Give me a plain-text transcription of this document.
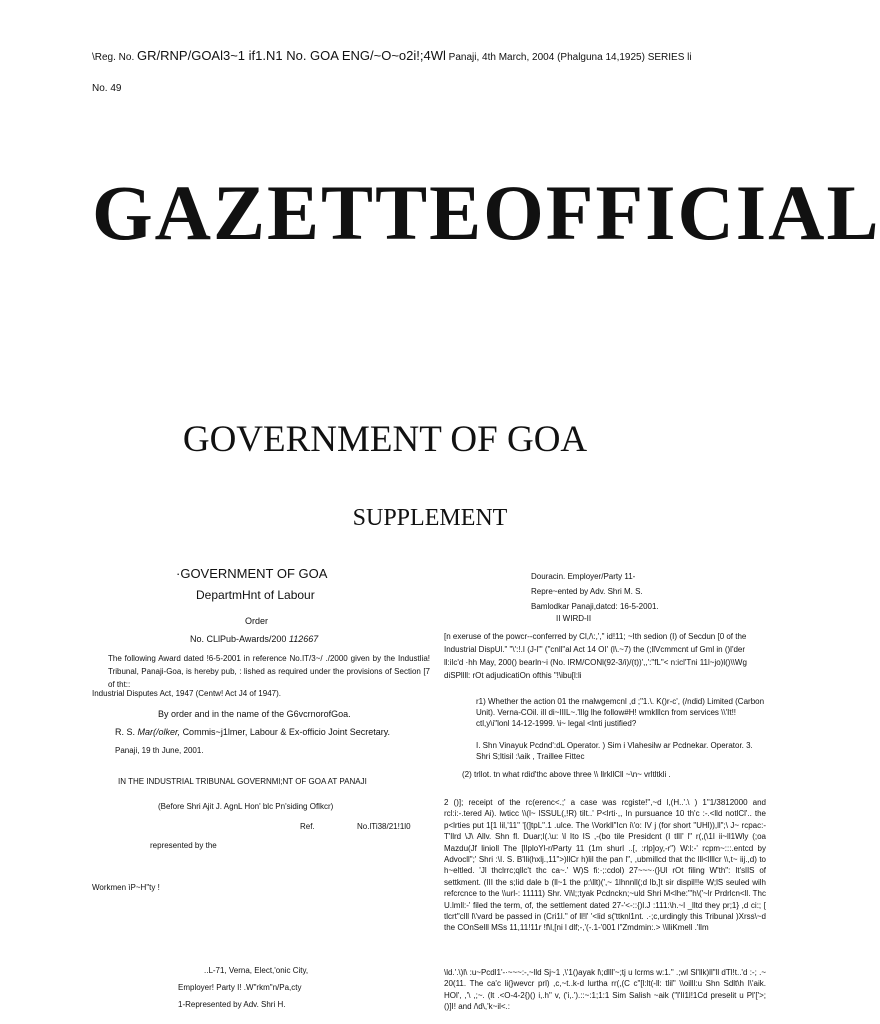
\Reg. No. GR/RNP/GOAl3~1 if1.N1 No. GOA ENG/~O~o2i!;4Wl Panaji, 4th March, 2004 (Phalguna 14,1925) SERIES li
No. 49
GAZETTEOFFICIAL
GOVERNMENT OF GOA
SUPPLEMENT
·GOVERNMENT OF GOA
DepartmHnt of Labour
Order
No. CLlPub-Awards/200 112667
The following Award dated !6-5-2001 in reference No.IT/3~/ ./2000 given by the Industlia! Tribunal, Panaji-Goa, is hereby pub, : lished as required under the provisions of Section [7 of tht::
Industrial Disputes Act, 1947 (Centw! Act J4 of 1947).
By order and in the name of the G6vcrnorofGoa.
R. S. Mar(/olker, Commis~j1lmer, Labour & Ex-officio Joint Secretary.
Panaji, 19 th June, 2001.
IN THE INDUSTRIAL TRIBUNAL GOVERNMl;NT OF GOA AT PANAJI
(Before Shri Ajit J. AgnL Hon' blc Pn'siding Oflkcr)
Ref.	No.lTi38/21!1l0
represented by the
Workmen ìP~H"ty !
..L-71, Verna, Elect,'onic City,
Employer! Party I! .W"rkm"n/Pa,cty
1-Represented by Adv. Shri H.
Douracin. Employer/Party 11-
Repre~ented by Adv. Shri M. S.
Bamlodkar Panaji,datcd: 16-5-2001.
II WIRD-II
[n exeruse of the powcr--conferred by Cl,/\:,'," id!11; ~Ith sedion (I) of Secdun [0 of the Industrial DispUl." "\':!.I (J-l"' ("cnll"al Act 14 OI' (l\.~7) the (;llVcmmcnt uf Gml in ()l'der ll:ilc'd ·hh May, 200() bearln~i (No. IRM/CONl(92-3/i)/(t))',,':"fL"< n:icl'Tni 11l~jo)l()\\Wg diSPllll: rOt adjudicatiOn ofthis "!\ibu[l:li
r1) Whether the action 01 the rnalwgemcnl ,d ;"1.\. K()r-c', (/ndid) Limited (Carbon Unit). Verna-COil. ill di~IIIL~.'lllg lhe follow#H! wmklllcn from services \\'It!! ctl,y\i"lonl 14-12-1999. \i~ legal <Inti justified?
I. Shn Vinayuk Pcdnd':dL Operator. ) Sim i Vlahesilw ar Pcdnekar. Operator. 3. Shri S;ltisil :\aik , Traillee Fittec
(2) trllot. tn what rdid'thc above three \\ llrkllCll ~\n~ vrltltkli .
2 ()]; receipt of the rc(erenc<.;' a case was rcgiste!",~d l,(H..'.\ ) 1"1/3812000 and rcl:i:-.tered Ai). lwticc \\(l~ lSSUL(,!R) tilt..' P<lrti·,, In pursuance 10 th'c :-.<lld notlCl'.. the p<lrties put 1[1 lil,'11" '[(]tpL".1 .ulce. The \Vorkll"Icn i\'o: IV j (for short "UHl)),ll";\ J~ rcpac:-T'llrd \J\ Allv. Shn fl. Duar;l(.\u: \l Ito IS ,-(bo tile Presidcnt (I tllI' l" r(,(\1I ii~ll1Wly (;oa Mazdu(Jf linioll The [IlploYl-r/Party 11 (1m shurl ..[, :rlp]oy,-r") W:l:-' rcpm~:::.entcd by Advocll";' Shri :\I. S. B'lli(hxlj.,11">)llCr h)lil the pan l", ,ubmillcd that thc lll<llllcr \\,t~ iij.,d) to h~eltled. 'Jl thclrrc;qllc't thc ca~.' W)S fi:·;:cdol) 27~~~·(}Ul rOt filing W'th": It'slIS of settkment. (III the s;lid dale b (ll~1 the p:\llt)(',~ 1lhnnll(;d lb,]t sir dispil!!e W;lS seuled wilh refcrcnce to the \\url-: 11111) Shr. Vi\l;;tyak Pcdnckn;~uld Shri M<lhe:'"h\('~lr Prdrlcn<ll. Thc U.lmll:-' filed the term, of, the settlement dated 27-'<-::{)l.J :111:\h.~l _lltd they pr;1} ,d ci:; [ tlcrt"clll l\'vard be passed in (Cri1l." of ll!l' '<lid s('ttknl1nt. .·;c,urdingly this Tribunal )Xrss\~d the COnSelll MSs 11,11!11r !f\l,[ni l dlf;-,'(-.1-'001 l"Zmdmin:.> \\lliKmell .'llm
\ld.'.\)l\ :u~Pcdl1'-·~~~:-,~lld Sj~1 ,\'1()ayak l\;dlll'~;tj u lcrms w:1." .;wl Sl'llk)ll"ll dTl!t..'d :-; .~ 20(11. The ca'c li(}wevcr prl) ,c,~t..k-d lurtha rr(,(C c"[l:lt(-ll: tlil" \\oilll:u Shn Sdlt\h I\'aik. HOl', ,'\ ,;~. (lt .<O-4-2{)() i,.h" v, ('i,.').::~:1;1:1 Sim Salish ~aik ("l'Il1l!1Cd preselit u Pl'['>;()]I! and /\d\,'k~il<.:
